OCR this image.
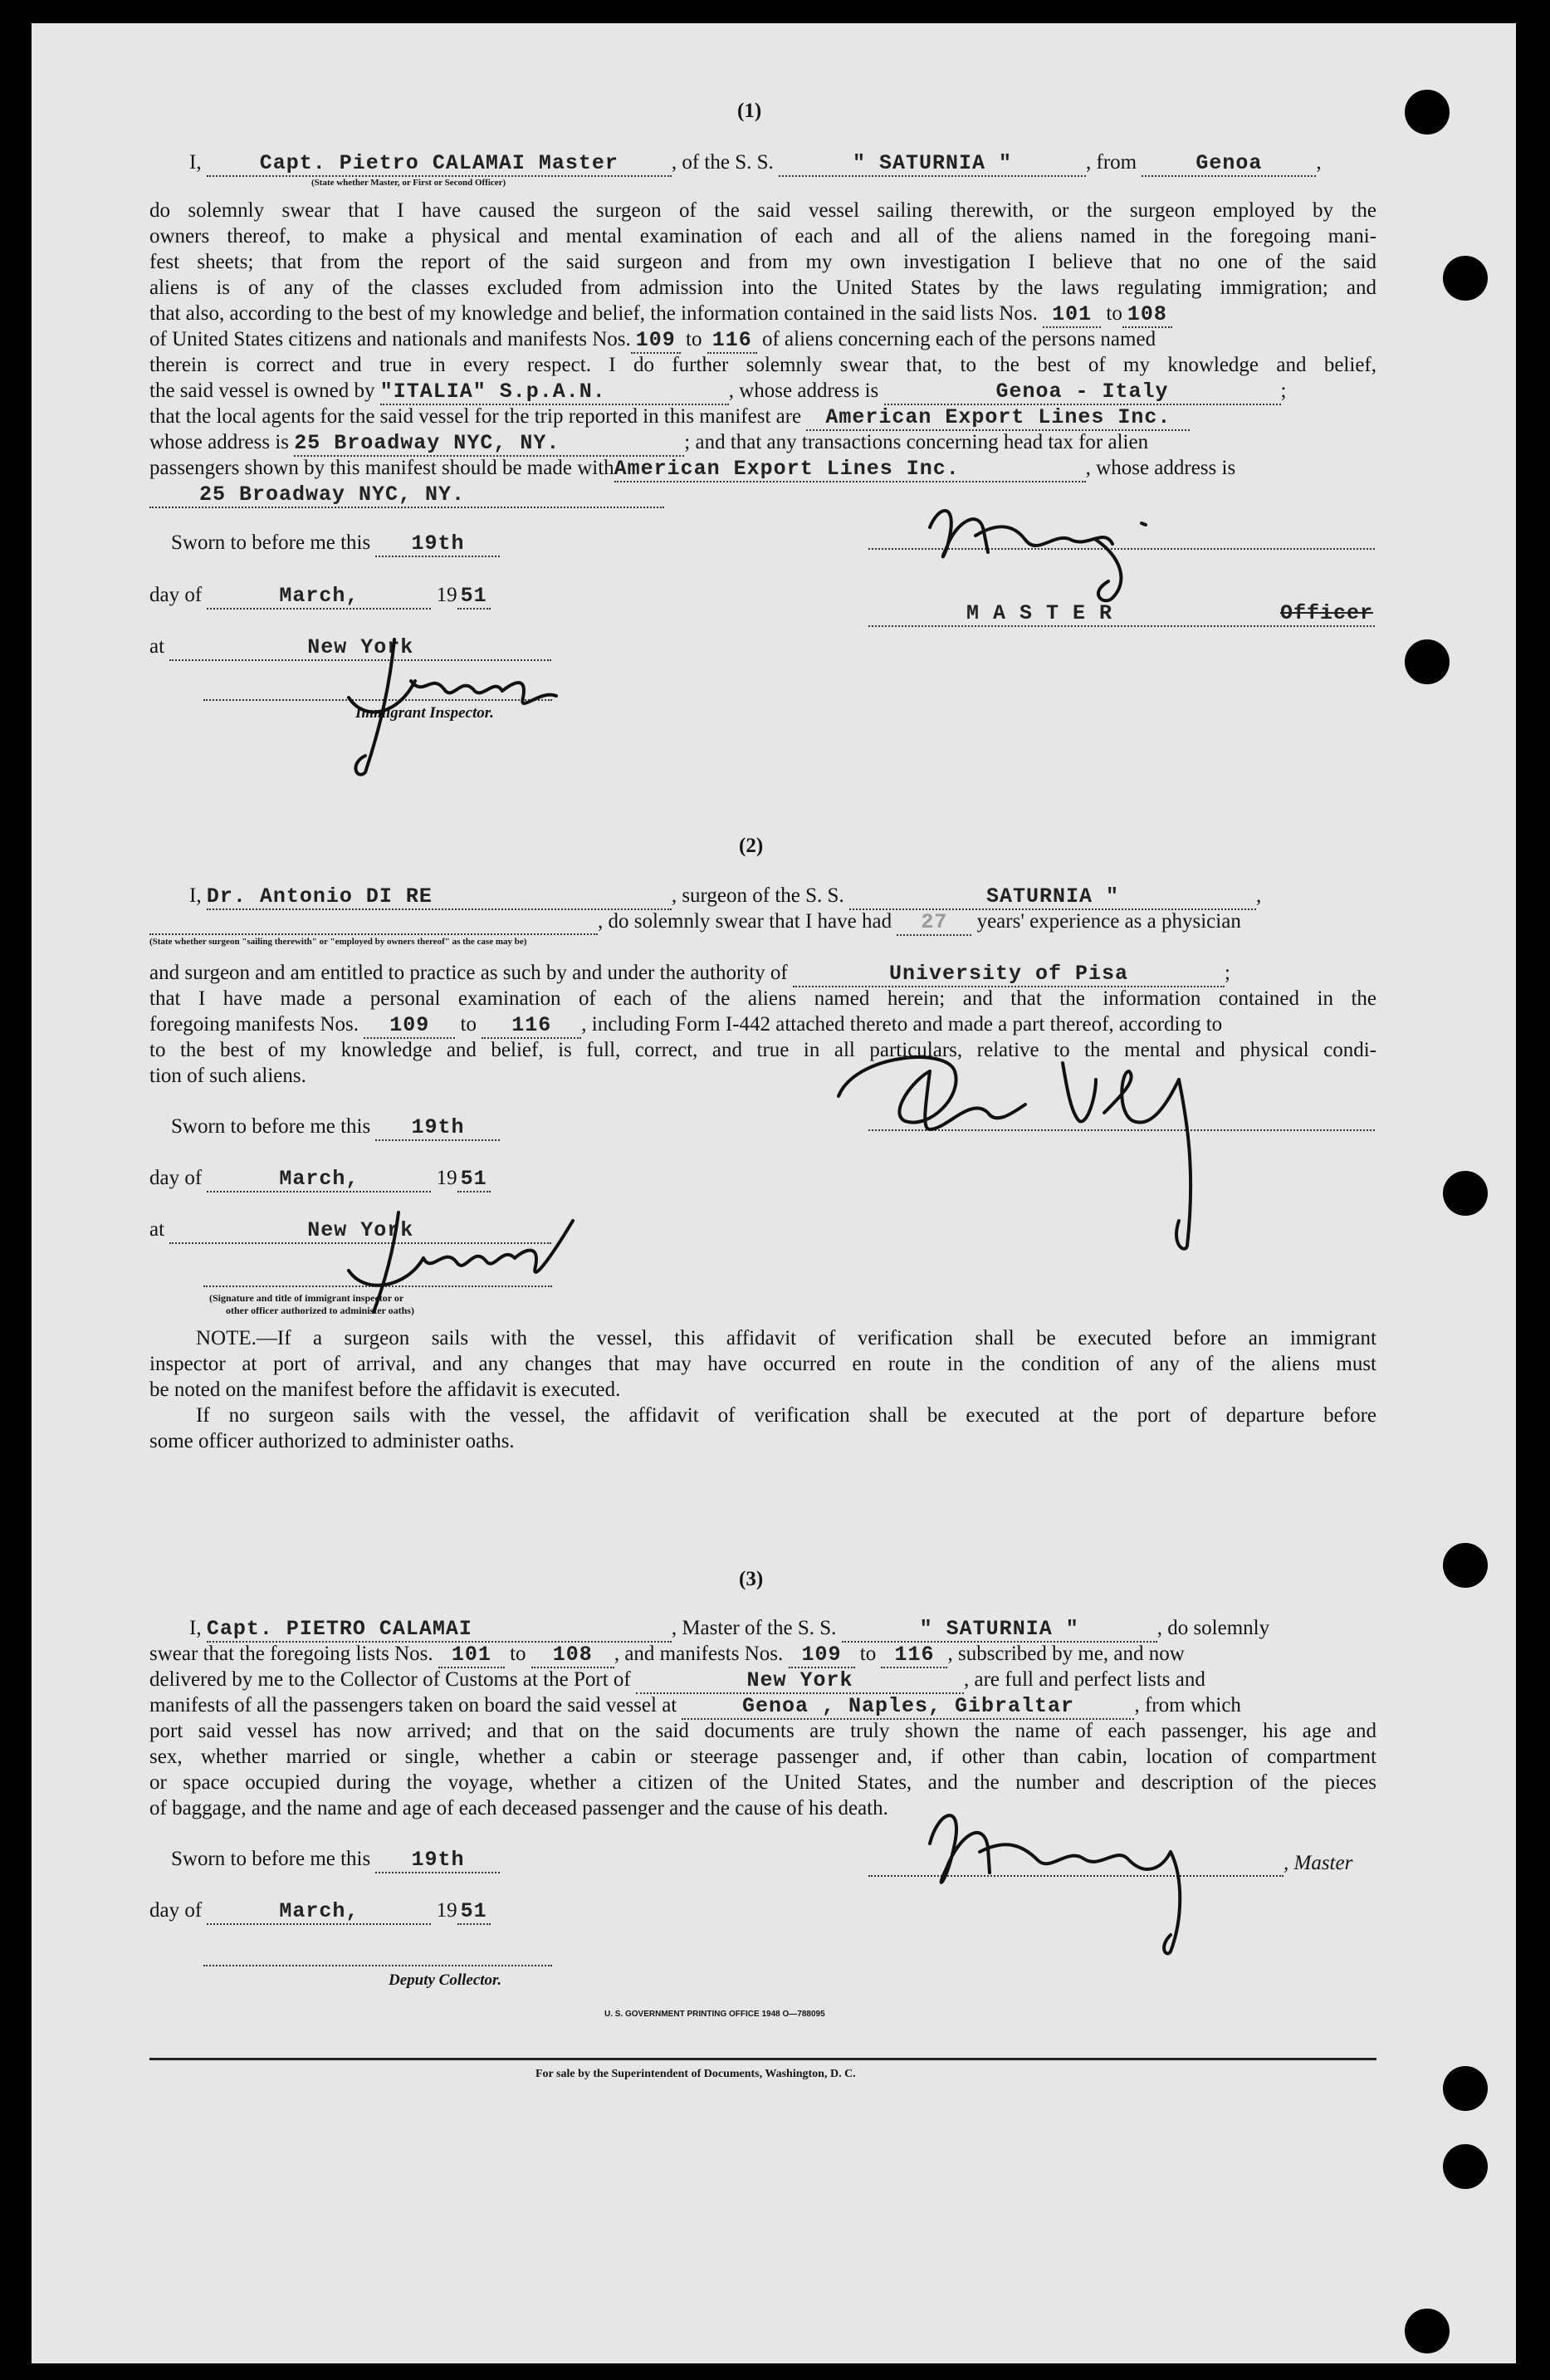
(1)
I,	Capt. Pietro CALAMAI Master	, of the S. S.	" SATURNIA "	, from	Genoa	,
(State whether Master, or First or Second Officer)
do solemnly swear that I have caused the surgeon of the said vessel sailing therewith, or the surgeon employed by the
owners thereof, to make a physical and mental examination of each and all of the aliens named in the foregoing mani-
fest sheets; that from the report of the said surgeon and from my own investigation I believe that no one of the said
aliens is of any of the classes excluded from admission into the United States by the laws regulating immigration; and
that also, according to the best of my knowledge and belief, the information contained in the said lists Nos. 101 to 108
of United States citizens and nationals and manifests Nos. 109 to 116 of aliens concerning each of the persons named
therein is correct and true in every respect. I do further solemnly swear that, to the best of my knowledge and belief,
the said vessel is owned by "ITALIA" S.p.A.N.	, whose address is	Genoa - Italy	;
that the local agents for the said vessel for the trip reported in this manifest are American Export Lines Inc.
whose address is 25 Broadway NYC, NY.	; and that any transactions concerning head tax for alien
passengers shown by this manifest should be made withAmerican Export Lines Inc.	, whose address is
25 Broadway NYC, NY.
Sworn to before me this 19th
day of	March,	19 51
at	New York
Immigrant Inspector.
M A S T E R	Officer
(2)
I, Dr. Antonio DI RE	, surgeon of the S. S.	SATURNIA "	,
, do solemnly swear that I have had 27 years' experience as a physician
(State whether surgeon "sailing therewith" or "employed by owners thereof" as the case may be)
and surgeon and am entitled to practice as such by and under the authority of	University of Pisa	;
that I have made a personal examination of each of the aliens named herein; and that the information contained in the
foregoing manifests Nos. 109 to 116 , including Form I-442 attached thereto and made a part thereof, according to
to the best of my knowledge and belief, is full, correct, and true in all particulars, relative to the mental and physical condi-
tion of such aliens.
Sworn to before me this 19th
day of	March,	19 51
at	New York
(Signature and title of immigrant inspector or
other officer authorized to administer oaths)
NOTE.—If a surgeon sails with the vessel, this affidavit of verification shall be executed before an immigrant
inspector at port of arrival, and any changes that may have occurred en route in the condition of any of the aliens must
be noted on the manifest before the affidavit is executed.
If no surgeon sails with the vessel, the affidavit of verification shall be executed at the port of departure before
some officer authorized to administer oaths.
(3)
I, Capt. PIETRO CALAMAI	, Master of the S. S.	" SATURNIA "	, do solemnly
swear that the foregoing lists Nos. 101 to 108 , and manifests Nos. 109 to 116 , subscribed by me, and now
delivered by me to the Collector of Customs at the Port of	New York	, are full and perfect lists and
manifests of all the passengers taken on board the said vessel at	Genoa , Naples, Gibraltar	, from which
port said vessel has now arrived; and that on the said documents are truly shown the name of each passenger, his age and
sex, whether married or single, whether a cabin or steerage passenger and, if other than cabin, location of compartment
or space occupied during the voyage, whether a citizen of the United States, and the number and description of the pieces
of baggage, and the name and age of each deceased passenger and the cause of his death.
Sworn to before me this 19th
day of	March,	19 51
Deputy Collector.
, Master
U. S. GOVERNMENT PRINTING OFFICE 1948 O—788095
For sale by the Superintendent of Documents, Washington, D. C.
